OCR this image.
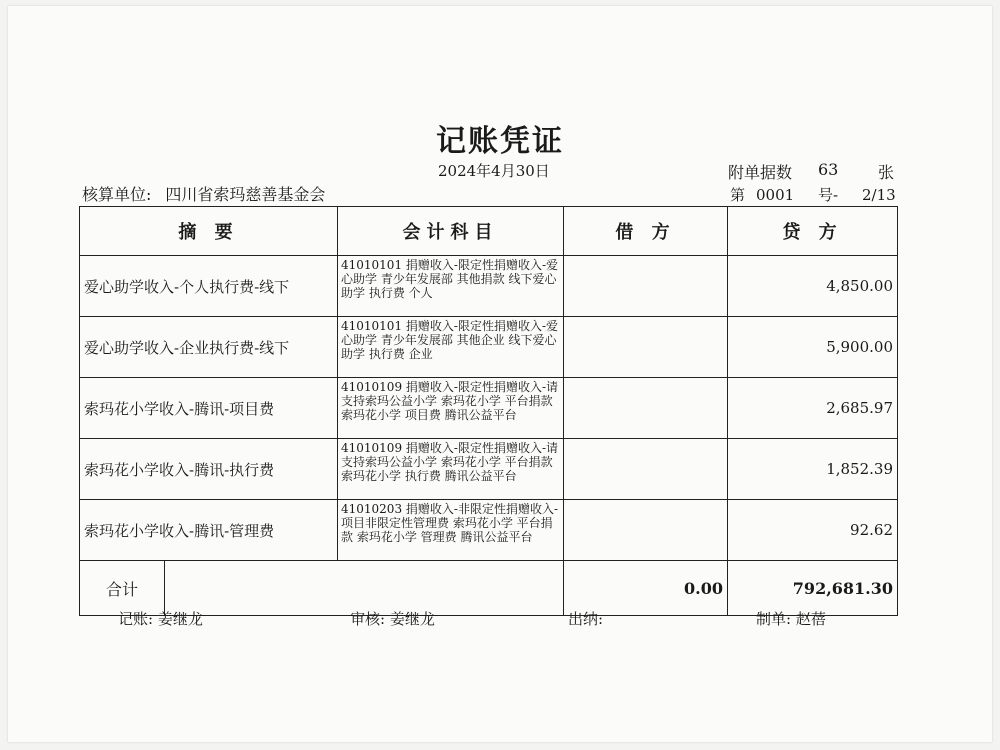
记账凭证
2024年4月30日	附单据数 63 张
核算单位: 四川省索玛慈善基金会	第 0001 号- 2/13
摘 要	会计科目	借 方	贷 方
爱心助学收入-个人执行费-线下	41010101 捐赠收入-限定性捐赠收入-爱心助学 青少年发展部 其他捐款 线下爱心助学 执行费 个人		4,850.00
爱心助学收入-企业执行费-线下	41010101 捐赠收入-限定性捐赠收入-爱心助学 青少年发展部 其他企业 线下爱心助学 执行费 企业		5,900.00
索玛花小学收入-腾讯-项目费	41010109 捐赠收入-限定性捐赠收入-请支持索玛公益小学 索玛花小学 平台捐款 索玛花小学 项目费 腾讯公益平台		2,685.97
索玛花小学收入-腾讯-执行费	41010109 捐赠收入-限定性捐赠收入-请支持索玛公益小学 索玛花小学 平台捐款 索玛花小学 执行费 腾讯公益平台		1,852.39
索玛花小学收入-腾讯-管理费	41010203 捐赠收入-非限定性捐赠收入-项目非限定性管理费 索玛花小学 平台捐款 索玛花小学 管理费 腾讯公益平台		92.62

合计		0.00	792,681.30
记账: 姜继龙	审核: 姜继龙	出纳:	制单: 赵蓓
